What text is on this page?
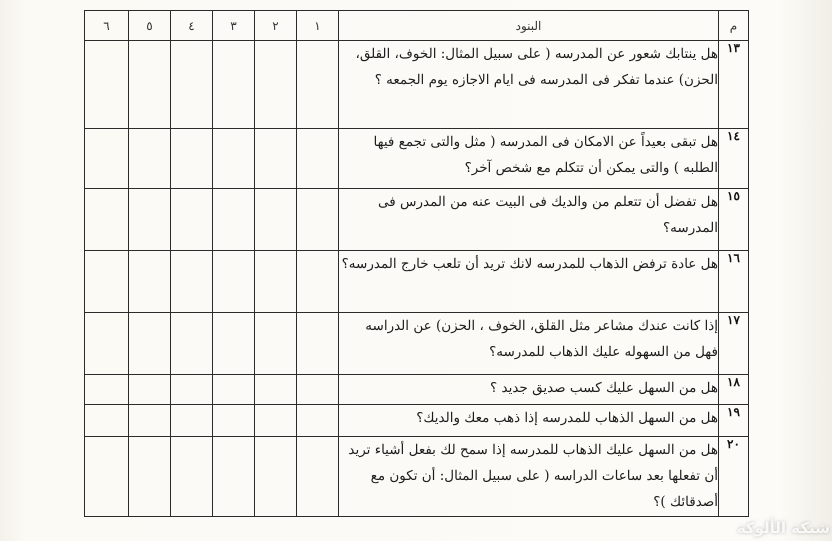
م	البنود	١	٢	٣	٤	٥	٦
١٣	هل ينتابك شعور عن المدرسه ( على سبيل المثال: الخوف، القلق، الحزن) عندما تفكر فى المدرسه فى ايام الاجازه يوم الجمعه ؟						
١٤	هل تبقى بعيداً عن الامكان فى المدرسه ( مثل والتى تجمع فيها الطلبه ) والتى يمكن أن تتكلم مع شخص آخر؟						
١٥	هل تفضل أن تتعلم من والديك فى البيت عنه من المدرس فى المدرسه؟						
١٦	هل عادة ترفض الذهاب للمدرسه لانك تريد أن تلعب خارج المدرسه؟						
١٧	إذا كانت عندك مشاعر مثل القلق، الخوف ، الحزن) عن الدراسه فهل من السهوله عليك الذهاب للمدرسه؟						
١٨	هل من السهل عليك كسب صديق جديد ؟						
١٩	هل من السهل الذهاب للمدرسه إذا ذهب معك والديك؟						
٢٠	هل من السهل عليك الذهاب للمدرسه إذا سمح لك بفعل أشياء تريد أن تفعلها بعد ساعات الدراسه ( على سبيل المثال: أن تكون مع أصدقائك )؟						
شبكة الألوكة
